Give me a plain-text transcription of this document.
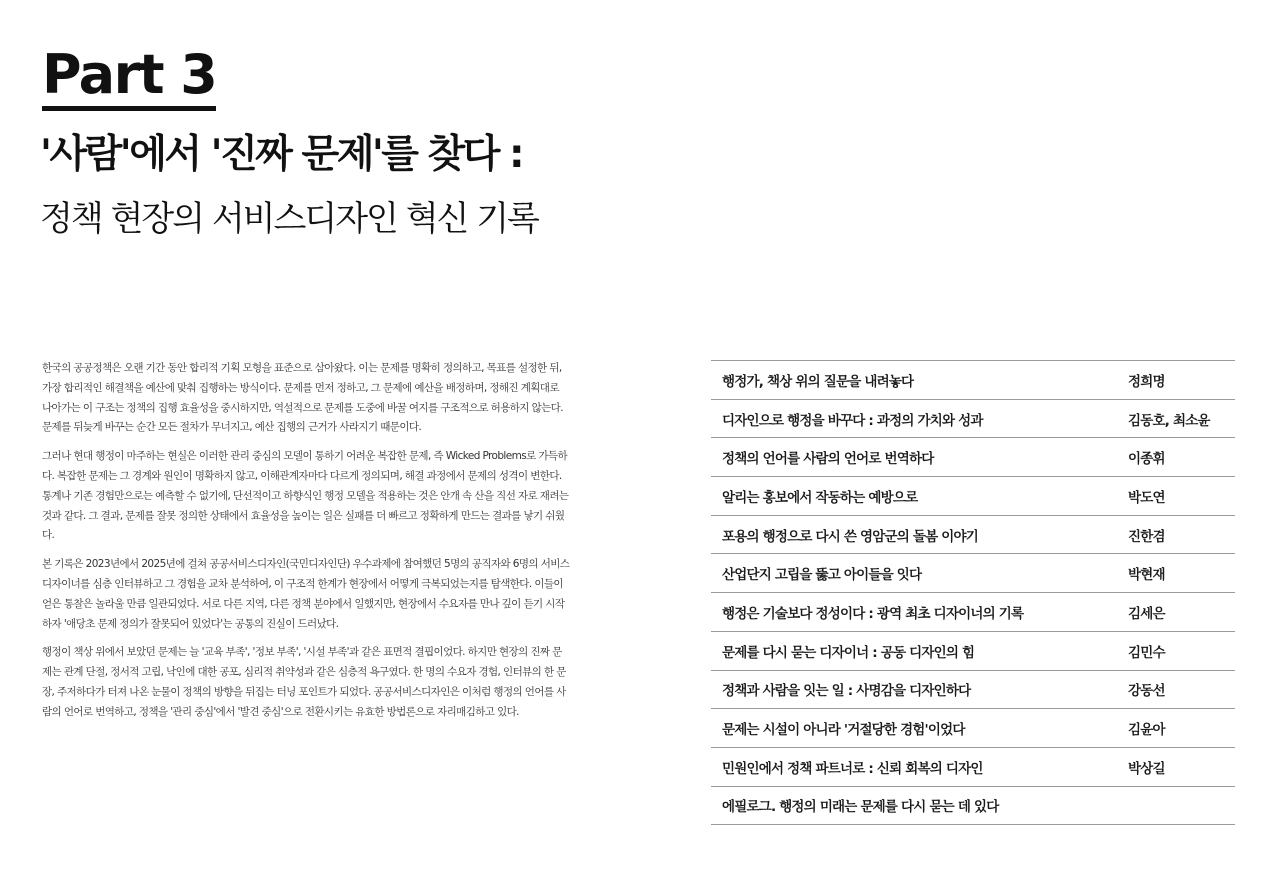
Part 3
'사람'에서 '진짜 문제'를 찾다 :
정책 현장의 서비스디자인 혁신 기록

한국의 공공정책은 오랜 기간 동안 합리적 기획 모형을 표준으로 삼아왔다. 이는 문제를 명확히 정의하고, 목표를 설정한 뒤, 가장 합리적인 해결책을 예산에 맞춰 집행하는 방식이다. 문제를 먼저 정하고, 그 문제에 예산을 배정하며, 정해진 계획대로 나아가는 이 구조는 정책의 집행 효율성을 중시하지만, 역설적으로 문제를 도중에 바꿀 여지를 구조적으로 허용하지 않는다. 문제를 뒤늦게 바꾸는 순간 모든 절차가 무너지고, 예산 집행의 근거가 사라지기 때문이다.

그러나 현대 행정이 마주하는 현실은 이러한 관리 중심의 모델이 통하기 어려운 복잡한 문제, 즉 Wicked Problems로 가득하다. 복잡한 문제는 그 경계와 원인이 명확하지 않고, 이해관계자마다 다르게 정의되며, 해결 과정에서 문제의 성격이 변한다. 통계나 기존 경험만으로는 예측할 수 없기에, 단선적이고 하향식인 행정 모델을 적용하는 것은 안개 속 산을 직선 자로 재려는 것과 같다. 그 결과, 문제를 잘못 정의한 상태에서 효율성을 높이는 일은 실패를 더 빠르고 정확하게 만드는 결과를 낳기 쉬웠다.

본 기록은 2023년에서 2025년에 걸쳐 공공서비스디자인(국민디자인단) 우수과제에 참여했던 5명의 공직자와 6명의 서비스디자이너를 심층 인터뷰하고 그 경험을 교차 분석하여, 이 구조적 한계가 현장에서 어떻게 극복되었는지를 탐색한다. 이들이 얻은 통찰은 놀라울 만큼 일관되었다. 서로 다른 지역, 다른 정책 분야에서 일했지만, 현장에서 수요자를 만나 깊이 듣기 시작하자 '애당초 문제 정의가 잘못되어 있었다'는 공통의 진실이 드러났다.

행정이 책상 위에서 보았던 문제는 늘 '교육 부족', '정보 부족', '시설 부족'과 같은 표면적 결핍이었다. 하지만 현장의 진짜 문제는 관계 단절, 정서적 고립, 낙인에 대한 공포, 심리적 취약성과 같은 심층적 욕구였다. 한 명의 수요자 경험, 인터뷰의 한 문장, 주저하다가 터져 나온 눈물이 정책의 방향을 뒤집는 터닝 포인트가 되었다. 공공서비스디자인은 이처럼 행정의 언어를 사람의 언어로 번역하고, 정책을 '관리 중심'에서 '발견 중심'으로 전환시키는 유효한 방법론으로 자리매김하고 있다.

행정가, 책상 위의 질문을 내려놓다	정희명
디자인으로 행정을 바꾸다 : 과정의 가치와 성과	김동호, 최소윤
정책의 언어를 사람의 언어로 번역하다	이종휘
알리는 홍보에서 작동하는 예방으로	박도연
포용의 행정으로 다시 쓴 영암군의 돌봄 이야기	진한겸
산업단지 고립을 뚫고 아이들을 잇다	박현재
행정은 기술보다 정성이다 : 광역 최초 디자이너의 기록	김세은
문제를 다시 묻는 디자이너 : 공동 디자인의 힘	김민수
정책과 사람을 잇는 일 : 사명감을 디자인하다	강동선
문제는 시설이 아니라 '거절당한 경험'이었다	김윤아
민원인에서 정책 파트너로 : 신뢰 회복의 디자인	박상길
에필로그. 행정의 미래는 문제를 다시 묻는 데 있다
